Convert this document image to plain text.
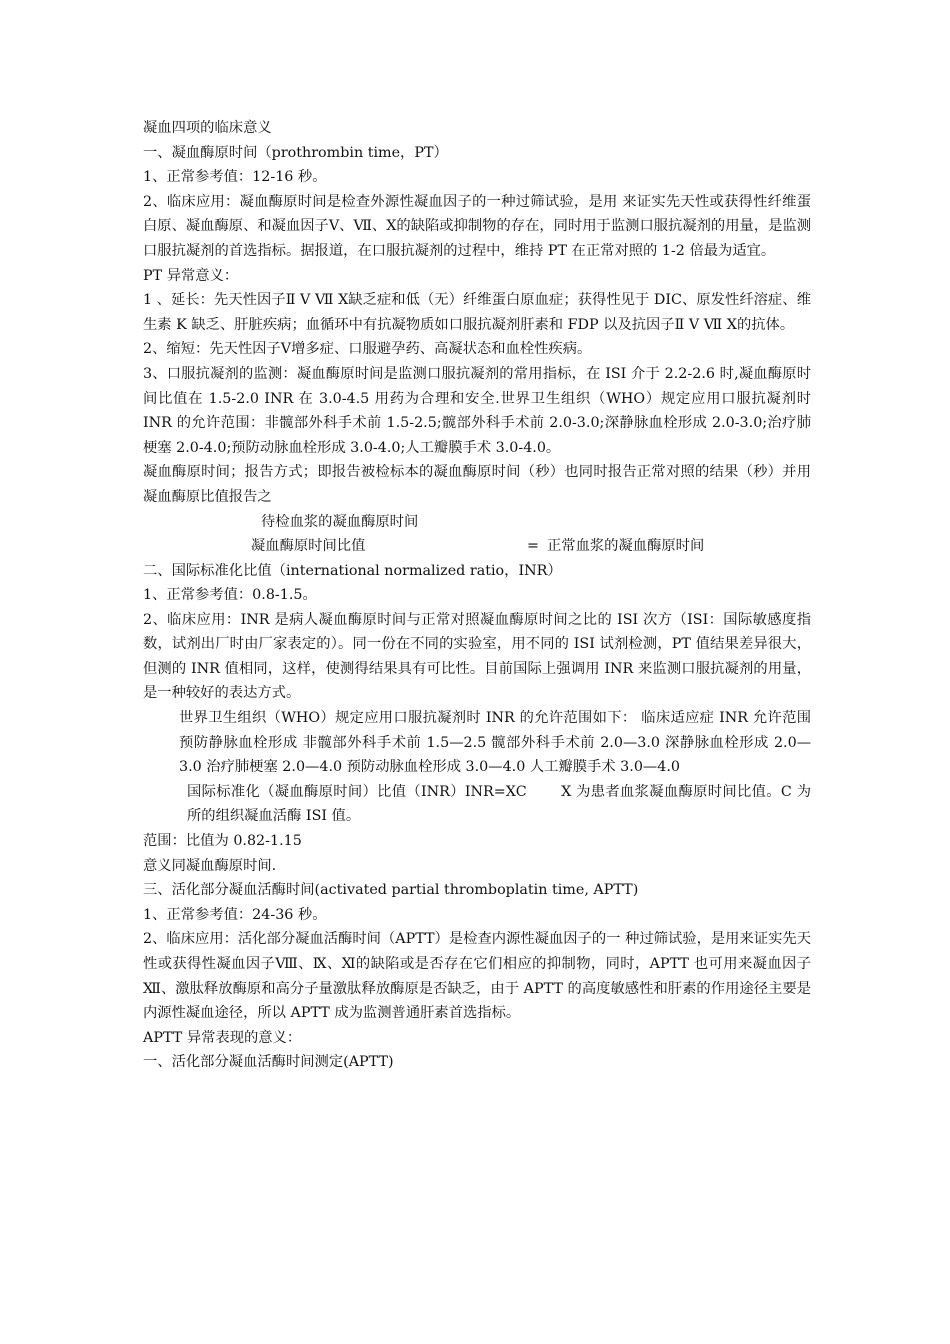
凝血四项的临床意义
一、凝血酶原时间（prothrombin time，PT）
1、正常参考值：12-16 秒。
2、临床应用：凝血酶原时间是检查外源性凝血因子的一种过筛试验，是用 来证实先天性或获得性纤维蛋白原、凝血酶原、和凝血因子Ⅴ、Ⅶ、Ⅹ的缺陷或抑制物的存在，同时用于监测口服抗凝剂的用量，是监测口服抗凝剂的首选指标。据报道，在口服抗凝剂的过程中，维持 PT 在正常对照的 1-2 倍最为适宜。
PT 异常意义：
1 、延长：先天性因子Ⅱ Ⅴ Ⅶ Ⅹ缺乏症和低（无）纤维蛋白原血症；获得性见于 DIC、原发性纤溶症、维生素 K 缺乏、肝脏疾病；血循环中有抗凝物质如口服抗凝剂肝素和 FDP 以及抗因子Ⅱ Ⅴ Ⅶ Ⅹ的抗体。
2、缩短：先天性因子Ⅴ增多症、口服避孕药、高凝状态和血栓性疾病。
3、口服抗凝剂的监测：凝血酶原时间是监测口服抗凝剂的常用指标，在 ISI 介于 2.2-2.6 时,凝血酶原时间比值在 1.5-2.0 INR 在 3.0-4.5 用药为合理和安全.世界卫生组织（WHO）规定应用口服抗凝剂时 INR 的允许范围：非髋部外科手术前 1.5-2.5;髋部外科手术前 2.0-3.0;深静脉血栓形成 2.0-3.0;治疗肺梗塞 2.0-4.0;预防动脉血栓形成 3.0-4.0;人工瓣膜手术 3.0-4.0。
凝血酶原时间；报告方式；即报告被检标本的凝血酶原时间（秒）也同时报告正常对照的结果（秒）并用凝血酶原比值报告之
待检血浆的凝血酶原时间
凝血酶原时间比值	= 正常血浆的凝血酶原时间
二、国际标准化比值（international normalized ratio，INR）
1、正常参考值：0.8-1.5。
2、临床应用：INR 是病人凝血酶原时间与正常对照凝血酶原时间之比的 ISI 次方（ISI：国际敏感度指数，试剂出厂时由厂家表定的）。同一份在不同的实验室，用不同的 ISI 试剂检测，PT 值结果差异很大，但测的 INR 值相同，这样，使测得结果具有可比性。目前国际上强调用 INR 来监测口服抗凝剂的用量，是一种较好的表达方式。
世界卫生组织（WHO）规定应用口服抗凝剂时 INR 的允许范围如下： 临床适应症 INR 允许范围 预防静脉血栓形成 非髋部外科手术前 1.5—2.5 髋部外科手术前 2.0—3.0 深静脉血栓形成 2.0—3.0 治疗肺梗塞 2.0—4.0 预防动脉血栓形成 3.0—4.0 人工瓣膜手术 3.0—4.0
国际标准化（凝血酶原时间）比值（INR）INR=XC　　 X 为患者血浆凝血酶原时间比值。C 为所的组织凝血活酶 ISI 值。
范围：比值为 0.82-1.15
意义同凝血酶原时间.
三、活化部分凝血活酶时间(activated partial thromboplatin time, APTT)
1、正常参考值：24-36 秒。
2、临床应用：活化部分凝血活酶时间（APTT）是检查内源性凝血因子的一 种过筛试验，是用来证实先天性或获得性凝血因子Ⅷ、Ⅸ、Ⅺ的缺陷或是否存在它们相应的抑制物，同时，APTT 也可用来凝血因子Ⅻ、激肽释放酶原和高分子量激肽释放酶原是否缺乏，由于 APTT 的高度敏感性和肝素的作用途径主要是内源性凝血途径，所以 APTT 成为监测普通肝素首选指标。
APTT 异常表现的意义：
一、活化部分凝血活酶时间测定(APTT)
